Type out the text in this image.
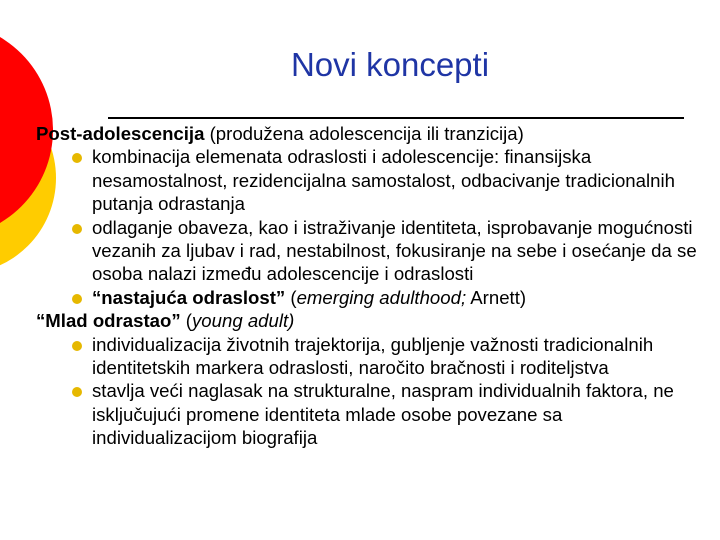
Novi koncepti

Post-adolescencija (produžena adolescencija ili tranzicija)

kombinacija elemenata odraslosti i adolescencije: finansijska nesamostalnost, rezidencijalna samostalost, odbacivanje tradicionalnih putanja odrastanja

odlaganje obaveza, kao i istraživanje identiteta, isprobavanje mogućnosti vezanih za ljubav i rad, nestabilnost, fokusiranje na sebe i osećanje da se osoba nalazi između adolescencije i odraslosti

“nastajuća odraslost” (emerging adulthood; Arnett)

“Mlad odrastao” (young adult)

individualizacija životnih trajektorija, gubljenje važnosti tradicionalnih identitetskih markera odraslosti, naročito bračnosti i roditeljstva

stavlja veći naglasak na strukturalne, naspram individualnih faktora, ne isključujući promene identiteta mlade osobe povezane sa individualizacijom biografija
